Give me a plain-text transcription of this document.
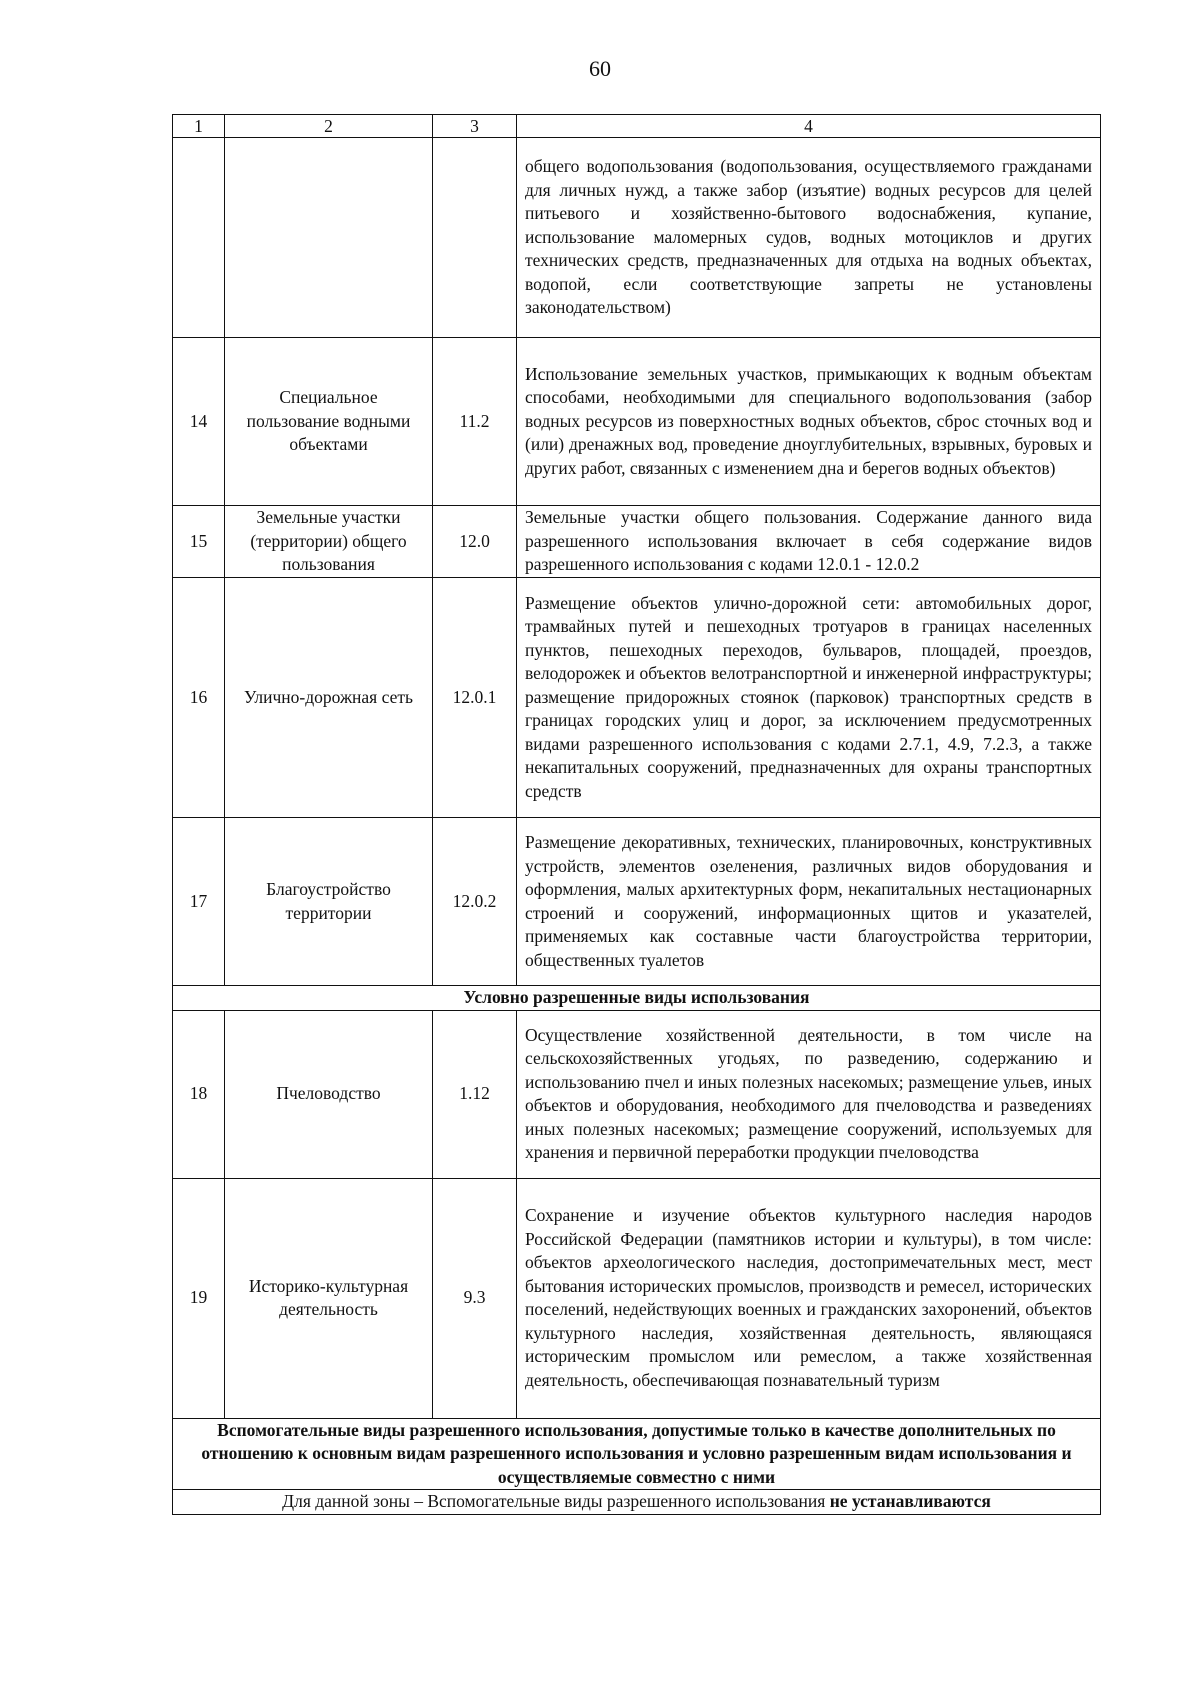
60
1	2	3	4
			общего водопользования (водопользования, осуществляемого гражданами для личных нужд, а также забор (изъятие) водных ресурсов для целей питьевого и хозяйственно-бытового водоснабжения, купание, использование маломерных судов, водных мотоциклов и других технических средств, предназначенных для отдыха на водных объектах, водопой, если соответствующие запреты не установлены законодательством)
14	Специальное пользование водными объектами	11.2	Использование земельных участков, примыкающих к водным объектам способами, необходимыми для специального водопользования (забор водных ресурсов из поверхностных водных объектов, сброс сточных вод и (или) дренажных вод, проведение дноуглубительных, взрывных, буровых и других работ, связанных с изменением дна и берегов водных объектов)
15	Земельные участки (территории) общего пользования	12.0	Земельные участки общего пользования. Содержание данного вида разрешенного использования включает в себя содержание видов разрешенного использования с кодами 12.0.1 - 12.0.2
16	Улично-дорожная сеть	12.0.1	Размещение объектов улично-дорожной сети: автомобильных дорог, трамвайных путей и пешеходных тротуаров в границах населенных пунктов, пешеходных переходов, бульваров, площадей, проездов, велодорожек и объектов велотранспортной и инженерной инфраструктуры; размещение придорожных стоянок (парковок) транспортных средств в границах городских улиц и дорог, за исключением предусмотренных видами разрешенного использования с кодами 2.7.1, 4.9, 7.2.3, а также некапитальных сооружений, предназначенных для охраны транспортных средств
17	Благоустройство территории	12.0.2	Размещение декоративных, технических, планировочных, конструктивных устройств, элементов озеленения, различных видов оборудования и оформления, малых архитектурных форм, некапитальных нестационарных строений и сооружений, информационных щитов и указателей, применяемых как составные части благоустройства территории, общественных туалетов
Условно разрешенные виды использования			
18	Пчеловодство	1.12	Осуществление хозяйственной деятельности, в том числе на сельскохозяйственных угодьях, по разведению, содержанию и использованию пчел и иных полезных насекомых; размещение ульев, иных объектов и оборудования, необходимого для пчеловодства и разведениях иных полезных насекомых; размещение сооружений, используемых для хранения и первичной переработки продукции пчеловодства
19	Историко-культурная деятельность	9.3	Сохранение и изучение объектов культурного наследия народов Российской Федерации (памятников истории и культуры), в том числе: объектов археологического наследия, достопримечательных мест, мест бытования исторических промыслов, производств и ремесел, исторических поселений, недействующих военных и гражданских захоронений, объектов культурного наследия, хозяйственная деятельность, являющаяся историческим промыслом или ремеслом, а также хозяйственная деятельность, обеспечивающая познавательный туризм
Вспомогательные виды разрешенного использования, допустимые только в качестве дополнительных по отношению к основным видам разрешенного использования и условно разрешенным видам использования и осуществляемые совместно с ними			
Для данной зоны – Вспомогательные виды разрешенного использования не устанавливаются			
